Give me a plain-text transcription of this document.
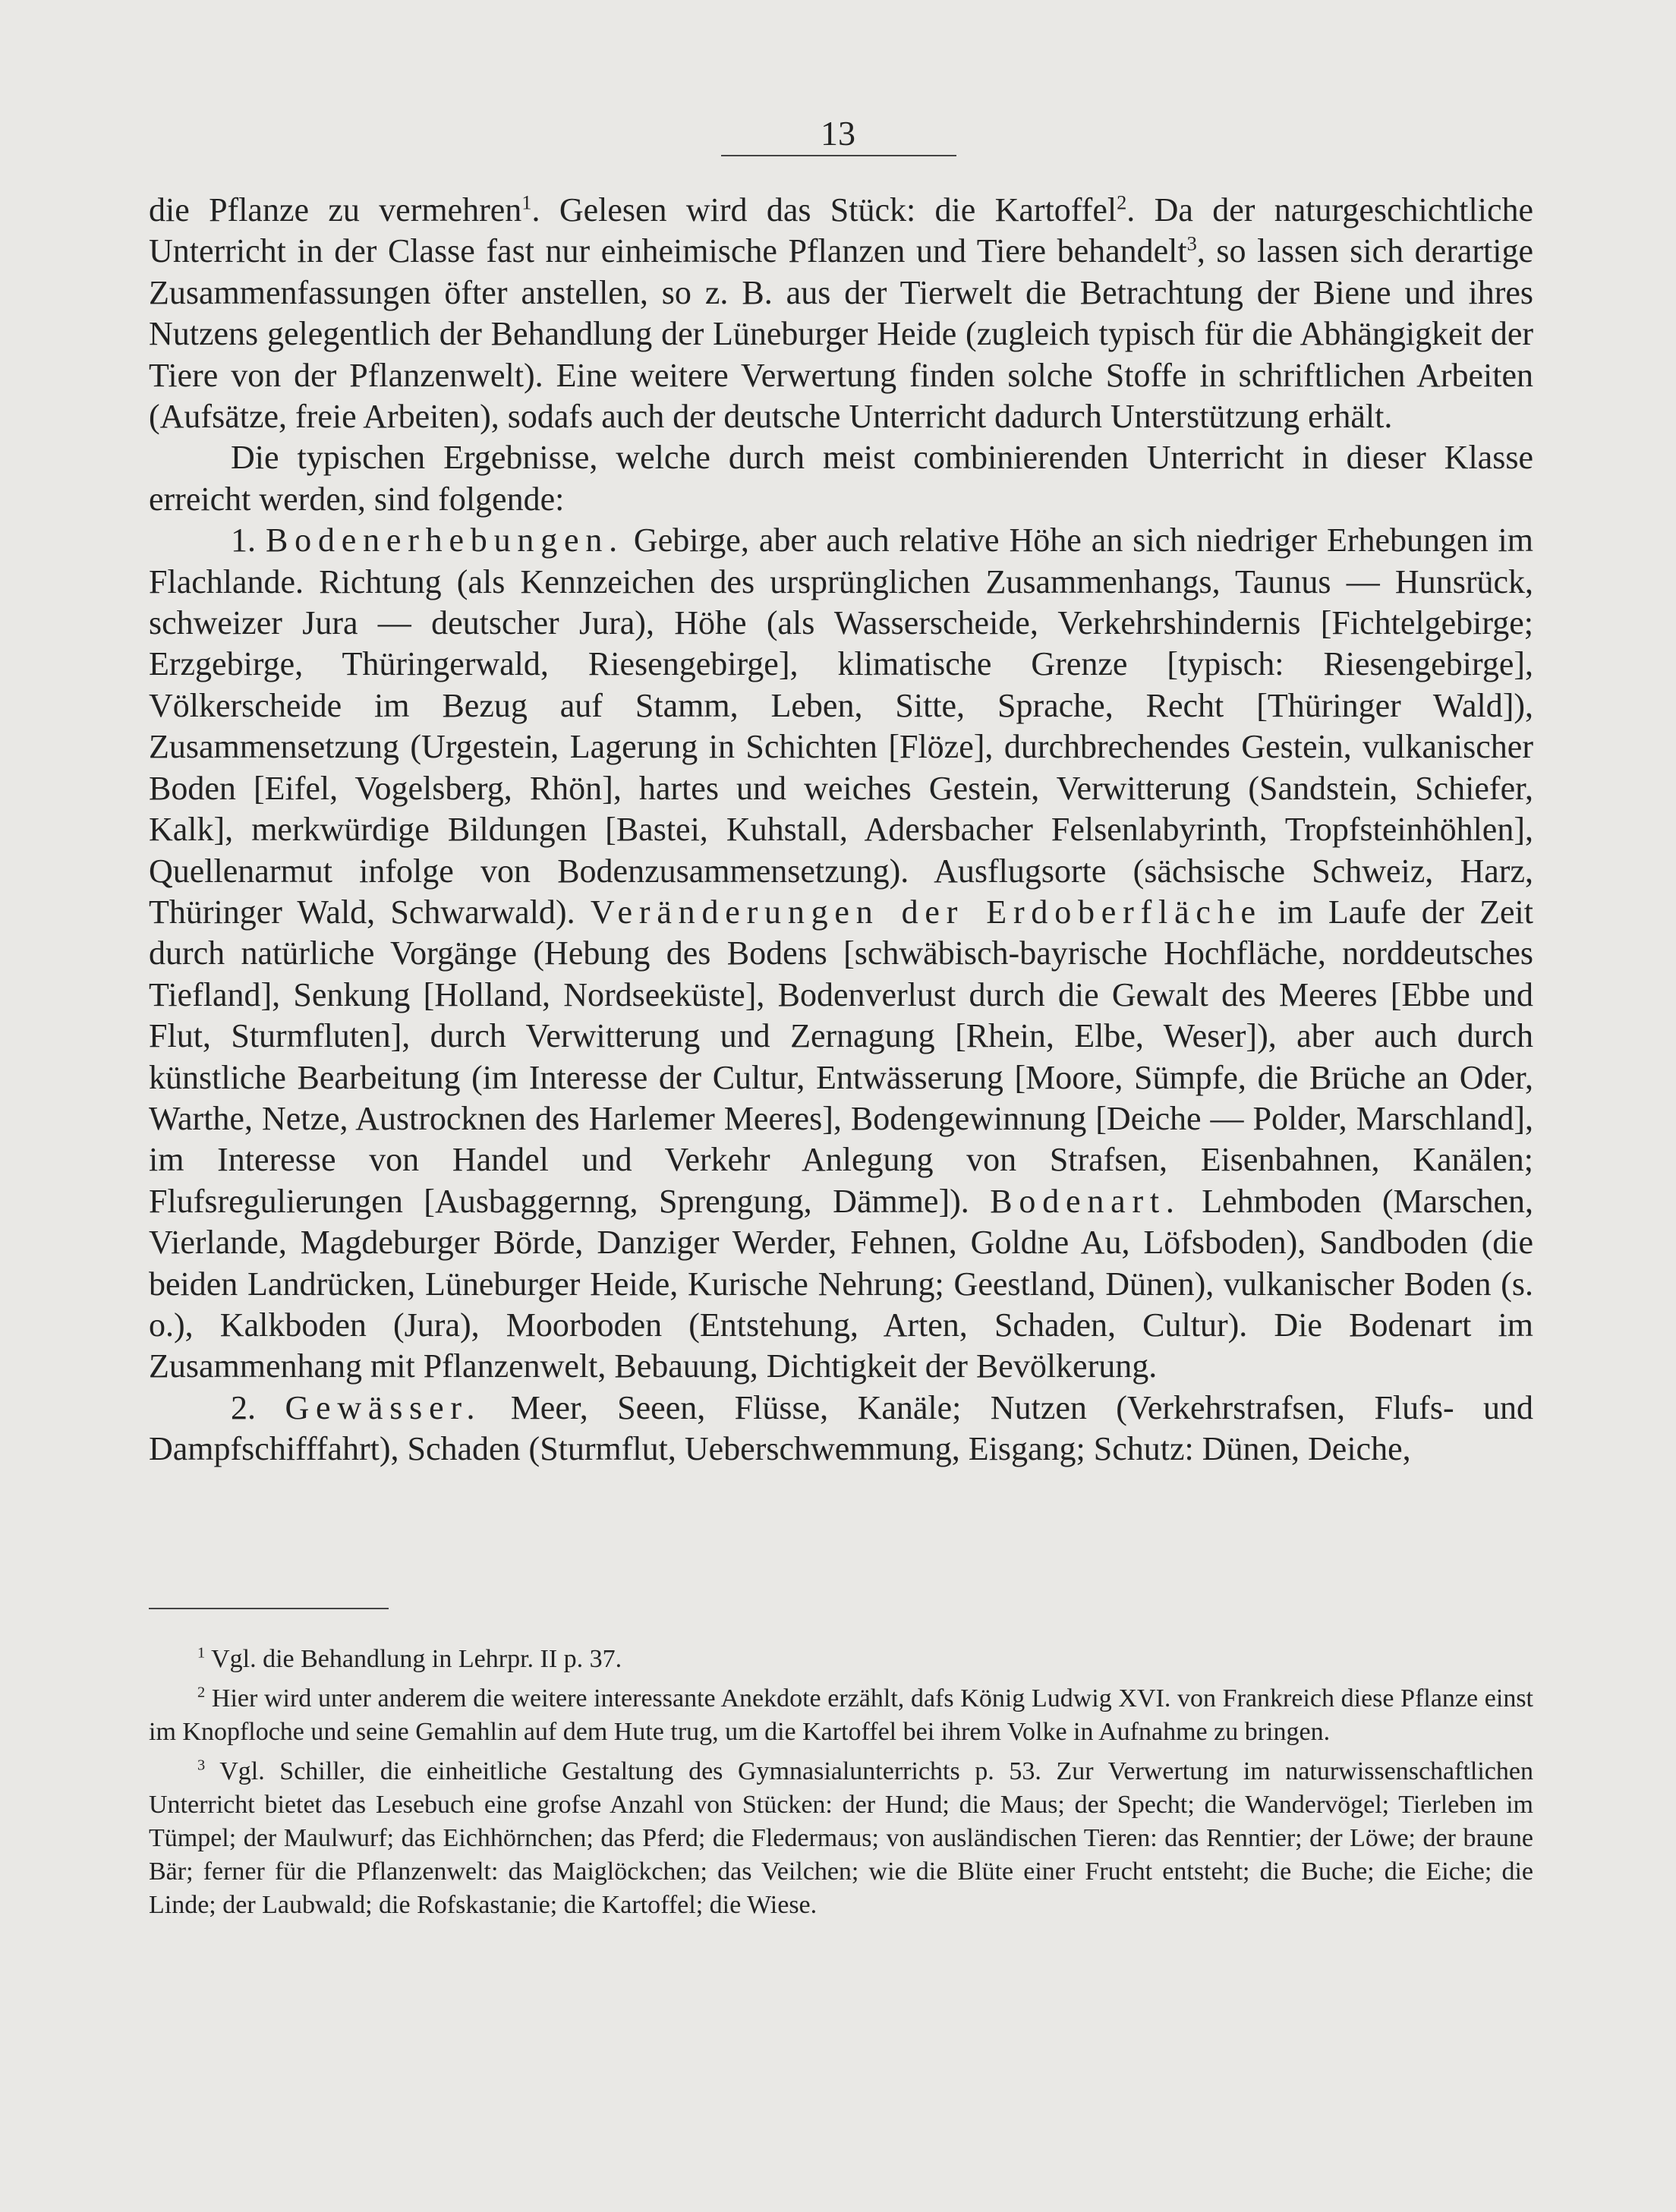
13

die Pflanze zu vermehren$^1$. Gelesen wird das Stück: die Kartoffel$^2$. Da der naturgeschichtliche Unterricht in der Classe fast nur einheimische Pflanzen und Tiere behandelt$^3$, so lassen sich derartige Zusammenfassungen öfter anstellen, so z. B. aus der Tierwelt die Betrachtung der Biene und ihres Nutzens gelegentlich der Behandlung der Lüneburger Heide (zugleich typisch für die Abhängigkeit der Tiere von der Pflanzenwelt). Eine weitere Verwertung finden solche Stoffe in schriftlichen Arbeiten (Aufsätze, freie Arbeiten), sodafs auch der deutsche Unterricht dadurch Unterstützung erhält.

Die typischen Ergebnisse, welche durch meist combinierenden Unterricht in dieser Klasse erreicht werden, sind folgende:

1. Bodenerhebungen. Gebirge, aber auch relative Höhe an sich niedriger Erhebungen im Flachlande. Richtung (als Kennzeichen des ursprünglichen Zusammenhangs, Taunus — Hunsrück, schweizer Jura — deutscher Jura), Höhe (als Wasserscheide, Verkehrshindernis [Fichtelgebirge; Erzgebirge, Thüringerwald, Riesengebirge], klimatische Grenze [typisch: Riesengebirge], Völkerscheide im Bezug auf Stamm, Leben, Sitte, Sprache, Recht [Thüringer Wald]), Zusammensetzung (Urgestein, Lagerung in Schichten [Flöze], durchbrechendes Gestein, vulkanischer Boden [Eifel, Vogelsberg, Rhön], hartes und weiches Gestein, Verwitterung (Sandstein, Schiefer, Kalk], merkwürdige Bildungen [Bastei, Kuhstall, Adersbacher Felsenlabyrinth, Tropfsteinhöhlen], Quellenarmut infolge von Bodenzusammensetzung). Ausflugsorte (sächsische Schweiz, Harz, Thüringer Wald, Schwarwald). Veränderungen der Erdoberfläche im Laufe der Zeit durch natürliche Vorgänge (Hebung des Bodens [schwäbisch-bayrische Hochfläche, norddeutsches Tiefland], Senkung [Holland, Nordseeküste], Bodenverlust durch die Gewalt des Meeres [Ebbe und Flut, Sturmfluten], durch Verwitterung und Zernagung [Rhein, Elbe, Weser]), aber auch durch künstliche Bearbeitung (im Interesse der Cultur, Entwässerung [Moore, Sümpfe, die Brüche an Oder, Warthe, Netze, Austrocknen des Harlemer Meeres], Bodengewinnung [Deiche — Polder, Marschland], im Interesse von Handel und Verkehr Anlegung von Strafsen, Eisenbahnen, Kanälen; Flufsregulierungen [Ausbaggernng, Sprengung, Dämme]). Bodenart. Lehmboden (Marschen, Vierlande, Magdeburger Börde, Danziger Werder, Fehnen, Goldne Au, Löfsboden), Sandboden (die beiden Landrücken, Lüneburger Heide, Kurische Nehrung; Geestland, Dünen), vulkanischer Boden (s. o.), Kalkboden (Jura), Moorboden (Entstehung, Arten, Schaden, Cultur). Die Bodenart im Zusammenhang mit Pflanzenwelt, Bebauung, Dichtigkeit der Bevölkerung.

2. Gewässer. Meer, Seeen, Flüsse, Kanäle; Nutzen (Verkehrstrafsen, Flufs- und Dampfschifffahrt), Schaden (Sturmflut, Ueberschwemmung, Eisgang; Schutz: Dünen, Deiche,

$^1$ Vgl. die Behandlung in Lehrpr. II p. 37.

$^2$ Hier wird unter anderem die weitere interessante Anekdote erzählt, dafs König Ludwig XVI. von Frankreich diese Pflanze einst im Knopfloche und seine Gemahlin auf dem Hute trug, um die Kartoffel bei ihrem Volke in Aufnahme zu bringen.

$^3$ Vgl. Schiller, die einheitliche Gestaltung des Gymnasialunterrichts p. 53. Zur Verwertung im naturwissenschaftlichen Unterricht bietet das Lesebuch eine grofse Anzahl von Stücken: der Hund; die Maus; der Specht; die Wandervögel; Tierleben im Tümpel; der Maulwurf; das Eichhörnchen; das Pferd; die Fledermaus; von ausländischen Tieren: das Renntier; der Löwe; der braune Bär; ferner für die Pflanzenwelt: das Maiglöckchen; das Veilchen; wie die Blüte einer Frucht entsteht; die Buche; die Eiche; die Linde; der Laubwald; die Rofskastanie; die Kartoffel; die Wiese.
